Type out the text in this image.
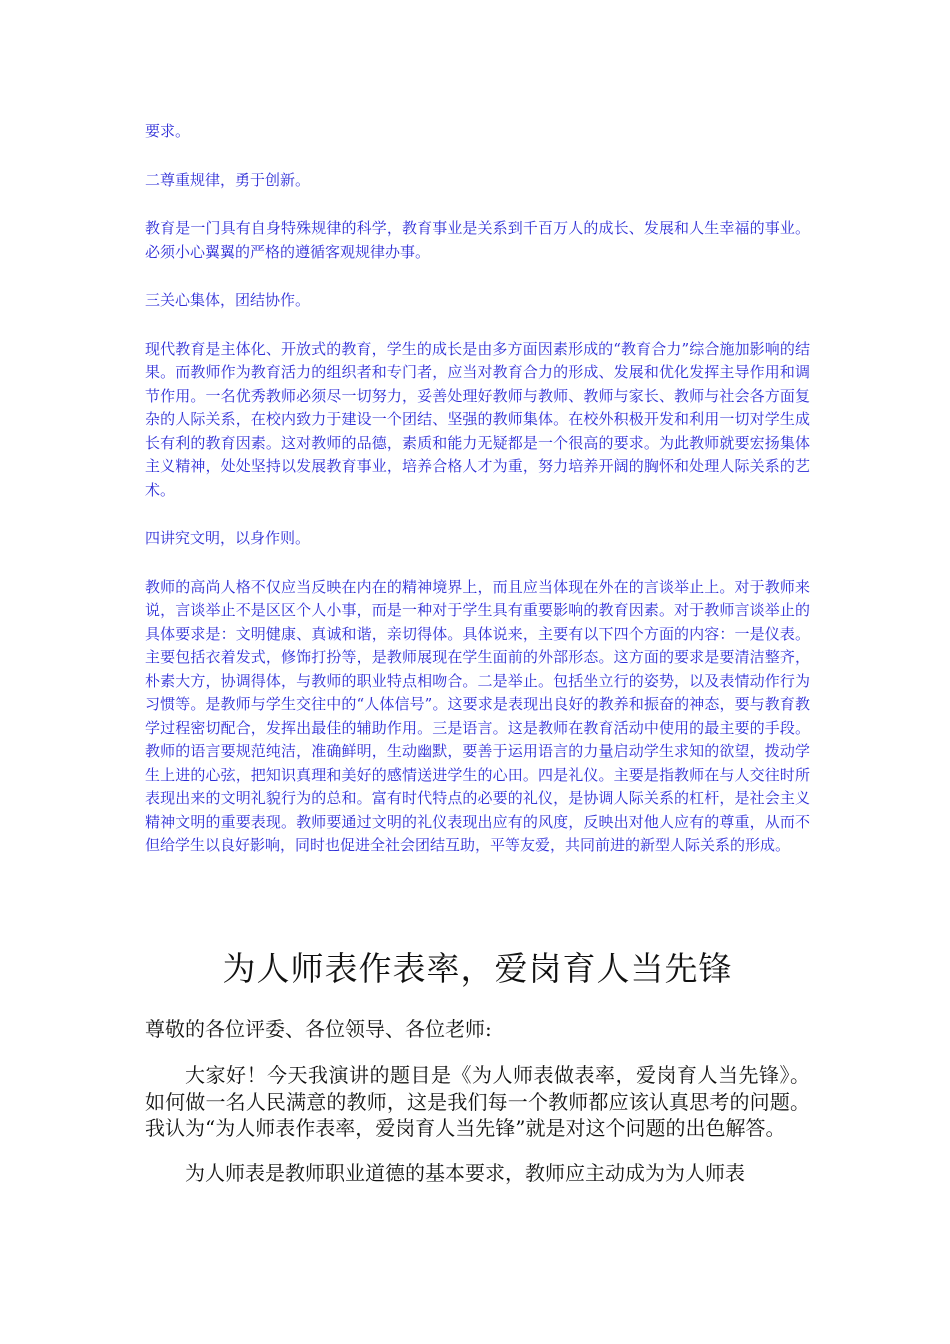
要求。

二尊重规律，勇于创新。

教育是一门具有自身特殊规律的科学，教育事业是关系到千百万人的成长、发展和人生幸福的事业。必须小心翼翼的严格的遵循客观规律办事。

三关心集体，团结协作。

现代教育是主体化、开放式的教育，学生的成长是由多方面因素形成的“教育合力”综合施加影响的结果。而教师作为教育活力的组织者和专门者，应当对教育合力的形成、发展和优化发挥主导作用和调节作用。一名优秀教师必须尽一切努力，妥善处理好教师与教师、教师与家长、教师与社会各方面复杂的人际关系，在校内致力于建设一个团结、坚强的教师集体。在校外积极开发和利用一切对学生成长有利的教育因素。这对教师的品德，素质和能力无疑都是一个很高的要求。为此教师就要宏扬集体主义精神，处处坚持以发展教育事业，培养合格人才为重，努力培养开阔的胸怀和处理人际关系的艺术。

四讲究文明，以身作则。

教师的高尚人格不仅应当反映在内在的精神境界上，而且应当体现在外在的言谈举止上。对于教师来说，言谈举止不是区区个人小事，而是一种对于学生具有重要影响的教育因素。对于教师言谈举止的具体要求是：文明健康、真诚和谐，亲切得体。具体说来，主要有以下四个方面的内容：一是仪表。主要包括衣着发式，修饰打扮等，是教师展现在学生面前的外部形态。这方面的要求是要清洁整齐，朴素大方，协调得体，与教师的职业特点相吻合。二是举止。包括坐立行的姿势，以及表情动作行为习惯等。是教师与学生交往中的“人体信号”。这要求是表现出良好的教养和振奋的神态，要与教育教学过程密切配合，发挥出最佳的辅助作用。三是语言。这是教师在教育活动中使用的最主要的手段。教师的语言要规范纯洁，准确鲜明，生动幽默，要善于运用语言的力量启动学生求知的欲望，拨动学生上进的心弦，把知识真理和美好的感情送进学生的心田。四是礼仪。主要是指教师在与人交往时所表现出来的文明礼貌行为的总和。富有时代特点的必要的礼仪，是协调人际关系的杠杆，是社会主义精神文明的重要表现。教师要通过文明的礼仪表现出应有的风度，反映出对他人应有的尊重，从而不但给学生以良好影响，同时也促进全社会团结互助，平等友爱，共同前进的新型人际关系的形成。

为人师表作表率，爱岗育人当先锋

尊敬的各位评委、各位领导、各位老师:

大家好！今天我演讲的题目是《为人师表做表率，爱岗育人当先锋》。如何做一名人民满意的教师，这是我们每一个教师都应该认真思考的问题。我认为“为人师表作表率，爱岗育人当先锋”就是对这个问题的出色解答。

为人师表是教师职业道德的基本要求，教师应主动成为为人师表
